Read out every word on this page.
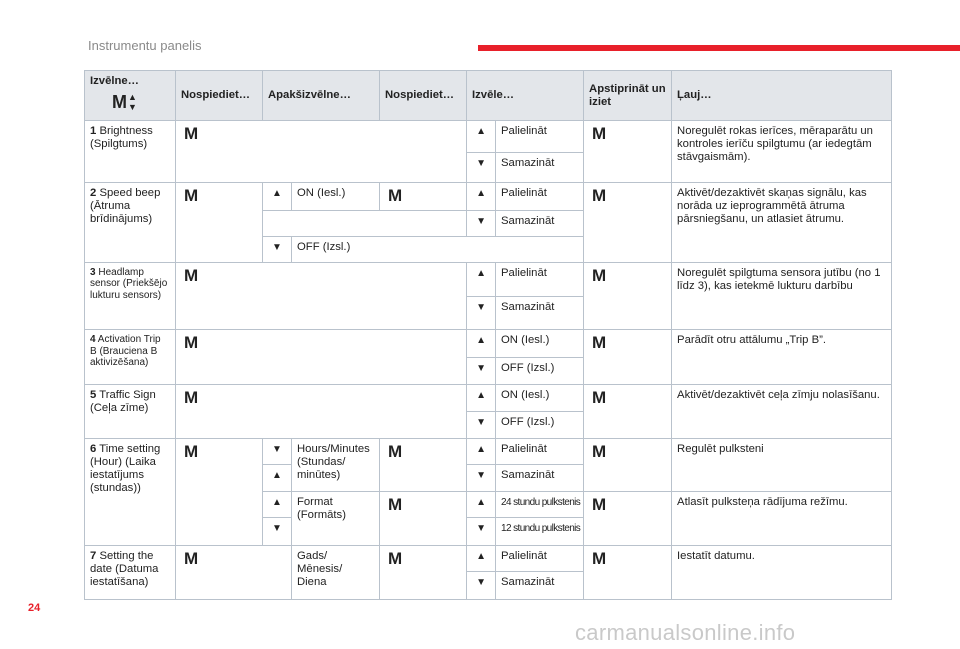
Instrumentu panelis
Izvēlne…
M ▲
▼	Nospiediet…	Apakšizvēlne…		Nospiediet…	Izvēle…		Apstiprināt un iziet	Ļauj…
1 Brightness (Spilgtums)	M				▲	Palielināt	M	Noregulēt rokas ierīces, mēraparātu un kontroles ierīču spilgtumu (ar iedegtām stāvgaismām).
					▼	Samazināt		
2 Speed beep (Ātruma brīdinājums)	M	▲	ON (Iesl.)	M	▲	Palielināt	M	Aktivēt/dezaktivēt skaņas signālu, kas norāda uz ieprogrammētā ātruma pārsniegšanu, un atlasiet ātrumu.
					▼	Samazināt		
		▼	OFF (Izsl.)					
3 Headlamp sensor (Priekšējo lukturu sensors)	M				▲	Palielināt	M	Noregulēt spilgtuma sensora jutību (no 1 līdz 3), kas ietekmē lukturu darbību
					▼	Samazināt		
4 Activation Trip B (Brauciena B aktivizēšana)	M				▲	ON (Iesl.)	M	Parādīt otru attālumu „Trip B”.
					▼	OFF (Izsl.)		
5 Traffic Sign (Ceļa zīme)	M				▲	ON (Iesl.)	M	Aktivēt/dezaktivēt ceļa zīmju nolasīšanu.
					▼	OFF (Izsl.)		
6 Time setting (Hour) (Laika iestatījums (stundas))	M	▼	Hours/Minutes (Stundas/ minūtes)	M	▲	Palielināt	M	Regulēt pulksteni
		▲			▼	Samazināt		
		▲	Format (Formāts)	M	▲	24 stundu pulkstenis	M	Atlasīt pulksteņa rādījuma režīmu.
		▼			▼	12 stundu pulkstenis		
7 Setting the date (Datuma iestatīšana)	M		Gads/ Mēnesis/ Diena	M	▲	Palielināt	M	Iestatīt datumu.
					▼	Samazināt		
24
carmanualsonline.info
